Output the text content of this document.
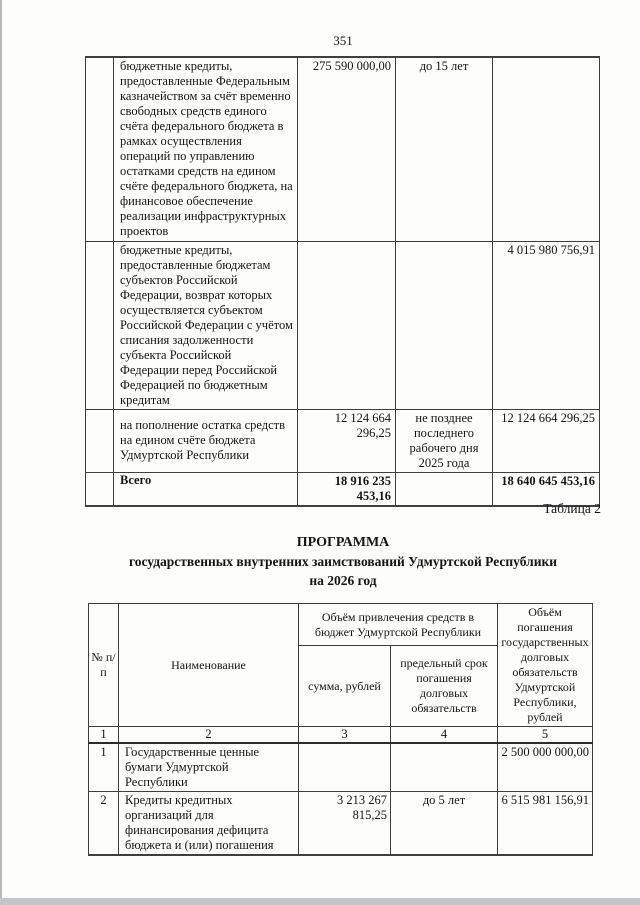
351
	бюджетные кредиты, предоставленные Федеральным казначейством за счёт временно свободных средств единого счёта федерального бюджета в рамках осуществления операций по управлению остатками средств на едином счёте федерального бюджета, на финансовое обеспечение реализации инфраструктурных проектов	275 590 000,00	до 15 лет	
	бюджетные кредиты, предоставленные бюджетам субъектов Российской Федерации, возврат которых осуществляется субъектом Российской Федерации с учётом списания задолженности субъекта Российской Федерации перед Российской Федерацией по бюджетным кредитам			4 015 980 756,91
	на пополнение остатка средств на едином счёте бюджета Удмуртской Республики	12 124 664 296,25	не позднее последнего рабочего дня 2025 года	12 124 664 296,25
	Всего	18 916 235 453,16		18 640 645 453,16
Таблица 2
ПРОГРАММА
государственных внутренних заимствований Удмуртской Республики
на 2026 год
№ п/п	Наименование	Объём привлечения средств в бюджет Удмуртской Республики		Объём погашения государственных долговых обязательств Удмуртской Республики, рублей
		сумма, рублей	предельный срок погашения долговых обязательств	
1	2	3	4	5
1	Государственные ценные бумаги Удмуртской Республики			2 500 000 000,00
2	Кредиты кредитных организаций для финансирования дефицита бюджета и (или) погашения	3 213 267 815,25	до 5 лет	6 515 981 156,91
